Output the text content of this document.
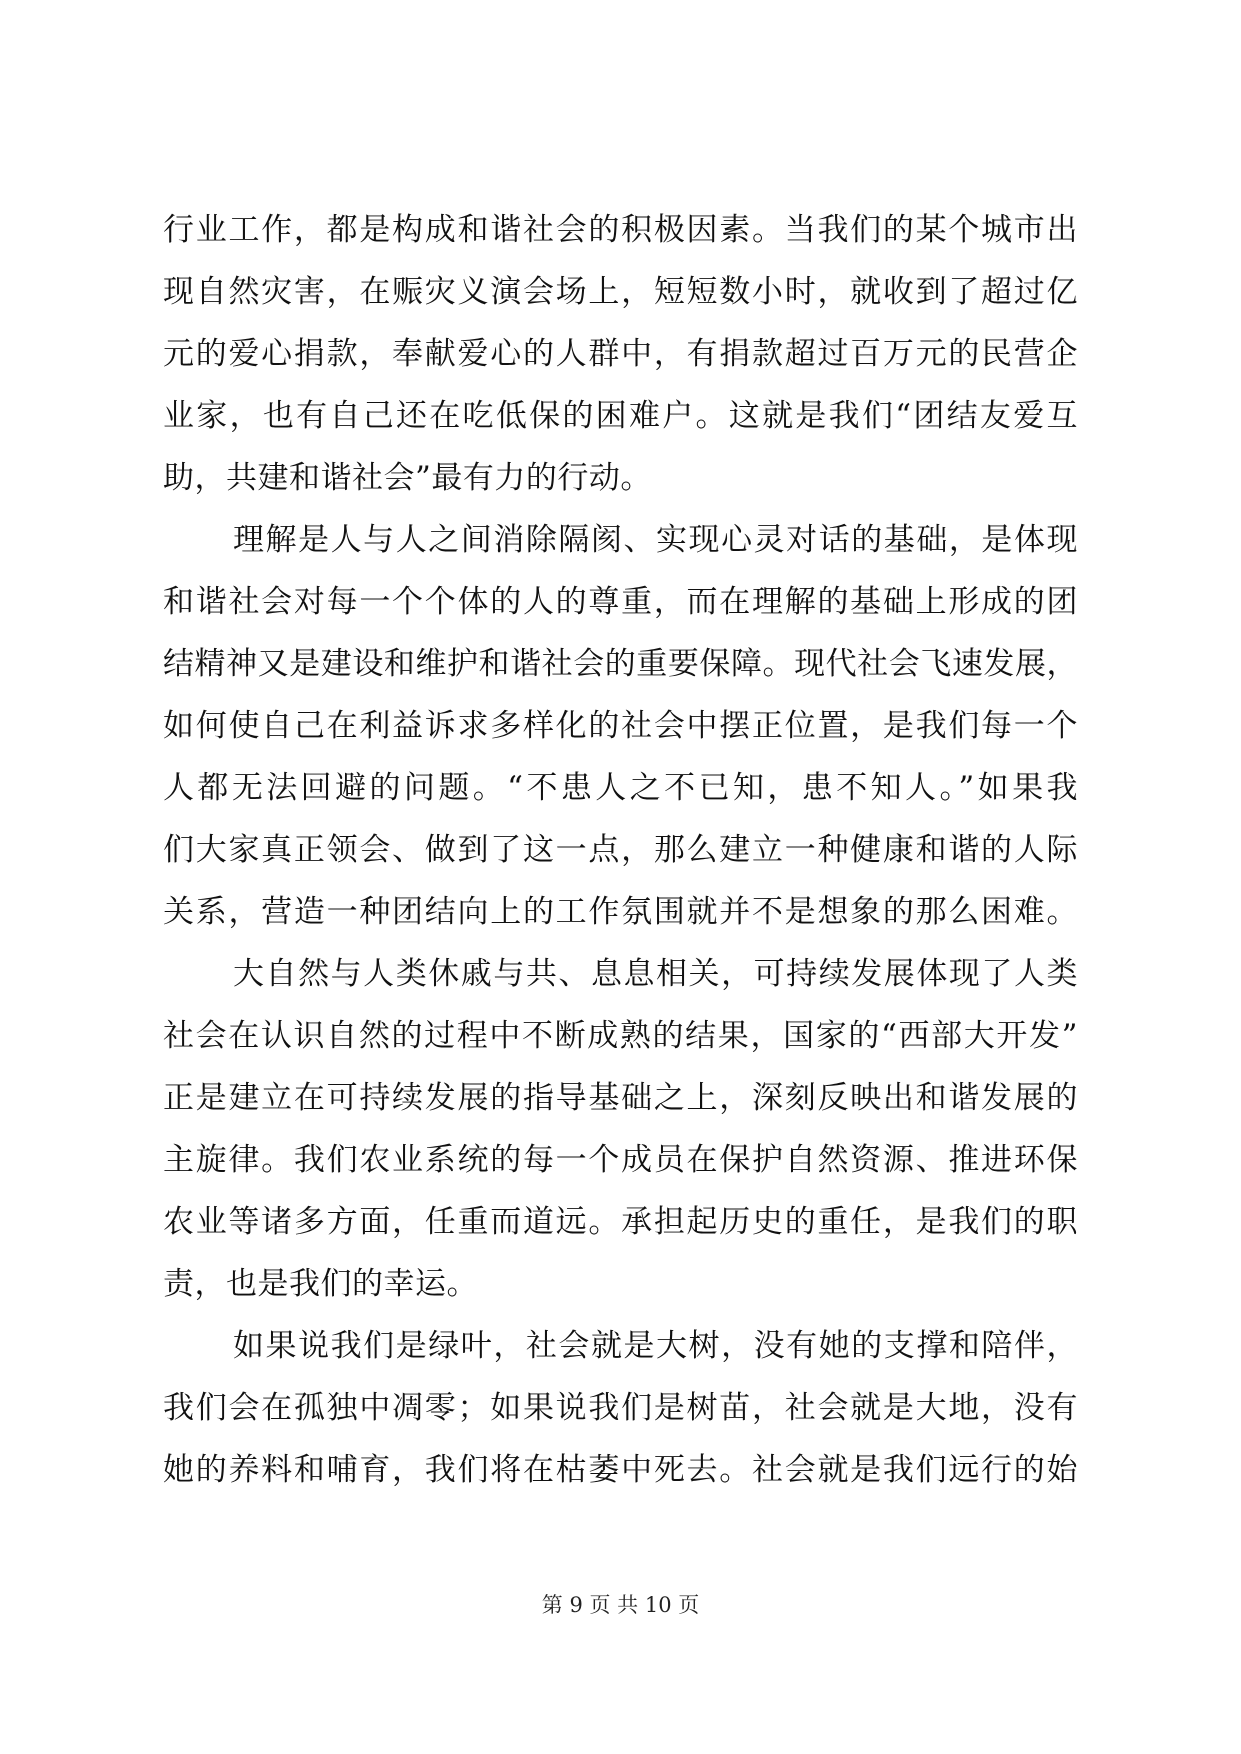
行业工作，都是构成和谐社会的积极因素。当我们的某个城市出
现自然灾害，在赈灾义演会场上，短短数小时，就收到了超过亿
元的爱心捐款，奉献爱心的人群中，有捐款超过百万元的民营企
业家，也有自己还在吃低保的困难户。这就是我们“团结友爱互
助，共建和谐社会”最有力的行动。
理解是人与人之间消除隔阂、实现心灵对话的基础，是体现
和谐社会对每一个个体的人的尊重，而在理解的基础上形成的团
结精神又是建设和维护和谐社会的重要保障。现代社会飞速发展，
如何使自己在利益诉求多样化的社会中摆正位置，是我们每一个
人都无法回避的问题。“不患人之不已知，患不知人。”如果我
们大家真正领会、做到了这一点，那么建立一种健康和谐的人际
关系，营造一种团结向上的工作氛围就并不是想象的那么困难。
大自然与人类休戚与共、息息相关，可持续发展体现了人类
社会在认识自然的过程中不断成熟的结果，国家的“西部大开发”
正是建立在可持续发展的指导基础之上，深刻反映出和谐发展的
主旋律。我们农业系统的每一个成员在保护自然资源、推进环保
农业等诸多方面，任重而道远。承担起历史的重任，是我们的职
责，也是我们的幸运。
如果说我们是绿叶，社会就是大树，没有她的支撑和陪伴，
我们会在孤独中凋零；如果说我们是树苗，社会就是大地，没有
她的养料和哺育，我们将在枯萎中死去。社会就是我们远行的始
第 9 页 共 10 页
